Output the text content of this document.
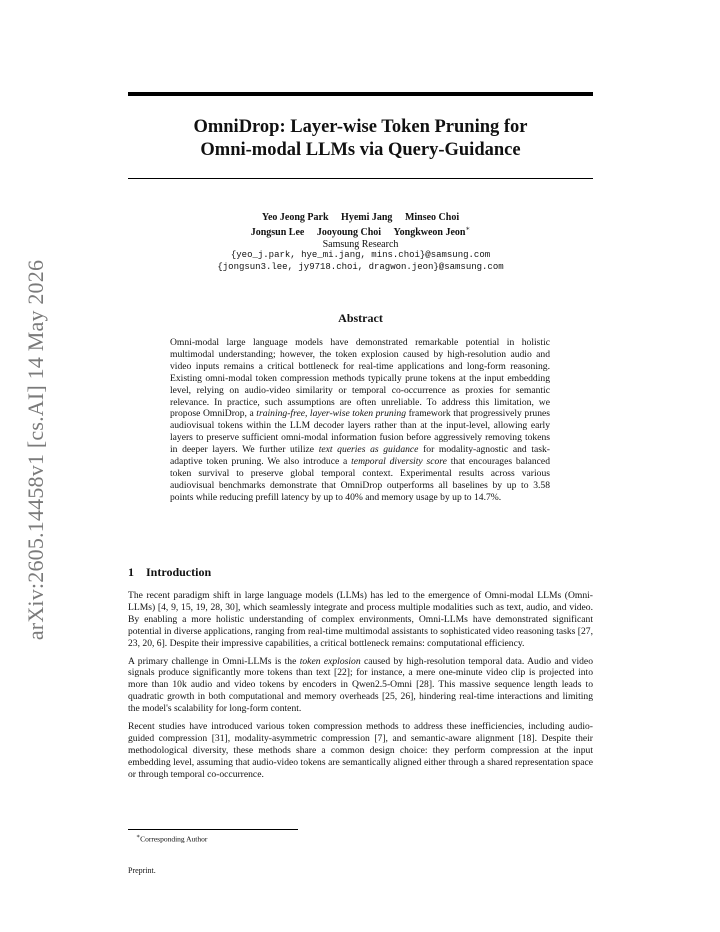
arXiv:2605.14458v1 [cs.AI] 14 May 2026
OmniDrop: Layer-wise Token Pruning for
Omni-modal LLMs via Query-Guidance
Yeo Jeong Park Hyemi Jang Minseo Choi
Jongsun Lee Jooyoung Choi Yongkweon Jeon∗
Samsung Research
{yeo_j.park, hye_mi.jang, mins.choi}@samsung.com
{jongsun3.lee, jy9718.choi, dragwon.jeon}@samsung.com
Abstract
Omni-modal large language models have demonstrated remarkable potential in holistic multimodal understanding; however, the token explosion caused by high-resolution audio and video inputs remains a critical bottleneck for real-time applications and long-form reasoning. Existing omni-modal token compression methods typically prune tokens at the input embedding level, relying on audio-video similarity or temporal co-occurrence as proxies for semantic relevance. In practice, such assumptions are often unreliable. To address this limitation, we propose OmniDrop, a training-free, layer-wise token pruning framework that progressively prunes audiovisual tokens within the LLM decoder layers rather than at the input-level, allowing early layers to preserve sufficient omni-modal information fusion before aggressively removing tokens in deeper layers. We further utilize text queries as guidance for modality-agnostic and task-adaptive token pruning. We also introduce a temporal diversity score that encourages balanced token survival to preserve global temporal context. Experimental results across various audiovisual benchmarks demonstrate that OmniDrop outperforms all baselines by up to 3.58 points while reducing prefill latency by up to 40% and memory usage by up to 14.7%.
1 Introduction

The recent paradigm shift in large language models (LLMs) has led to the emergence of Omni-modal LLMs (Omni-LLMs) [4, 9, 15, 19, 28, 30], which seamlessly integrate and process multiple modalities such as text, audio, and video. By enabling a more holistic understanding of complex environments, Omni-LLMs have demonstrated significant potential in diverse applications, ranging from real-time multimodal assistants to sophisticated video reasoning tasks [27, 23, 20, 6]. Despite their impressive capabilities, a critical bottleneck remains: computational efficiency.

A primary challenge in Omni-LLMs is the token explosion caused by high-resolution temporal data. Audio and video signals produce significantly more tokens than text [22]; for instance, a mere one-minute video clip is projected into more than 10k audio and video tokens by encoders in Qwen2.5-Omni [28]. This massive sequence length leads to quadratic growth in both computational and memory overheads [25, 26], hindering real-time interactions and limiting the model's scalability for long-form content.

Recent studies have introduced various token compression methods to address these inefficiencies, including audio-guided compression [31], modality-asymmetric compression [7], and semantic-aware alignment [18]. Despite their methodological diversity, these methods share a common design choice: they perform compression at the input embedding level, assuming that audio-video tokens are semantically aligned either through a shared representation space or through temporal co-occurrence.

∗Corresponding Author
Preprint.
